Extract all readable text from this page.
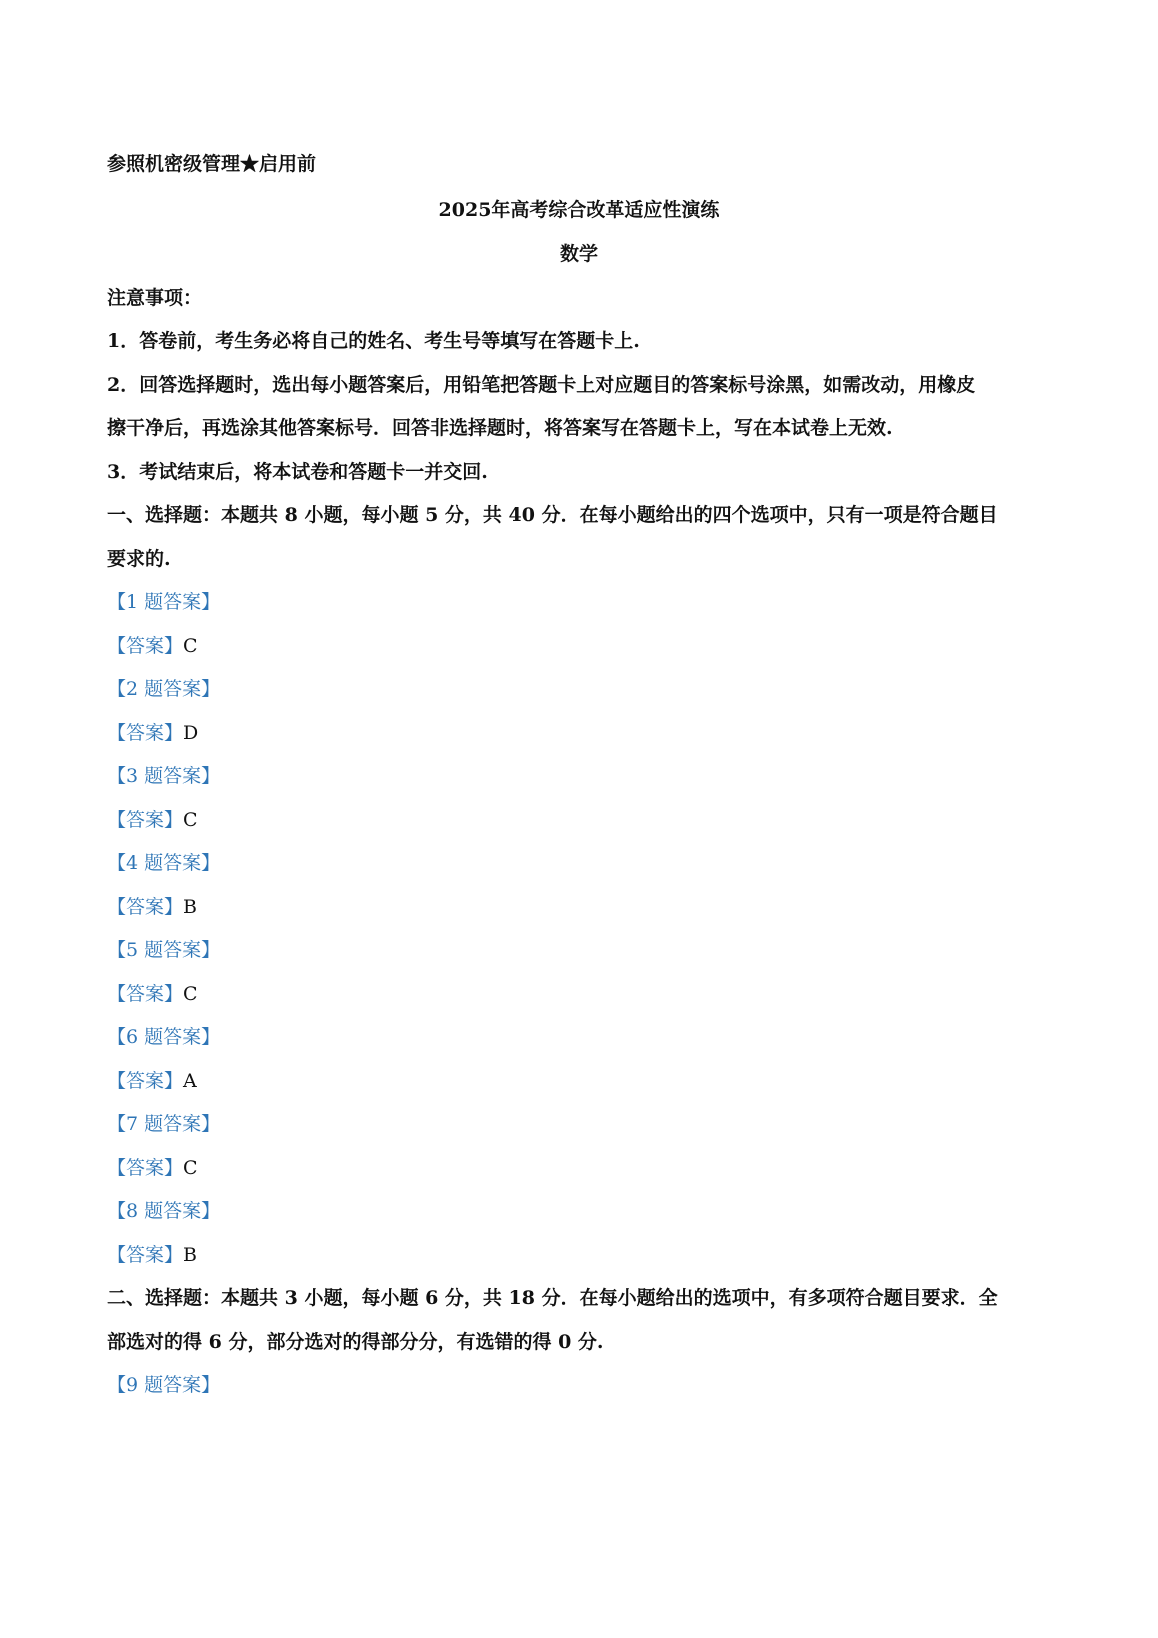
参照机密级管理★启用前
2025年高考综合改革适应性演练
数学
注意事项：
1．答卷前，考生务必将自己的姓名、考生号等填写在答题卡上.
2．回答选择题时，选出每小题答案后，用铅笔把答题卡上对应题目的答案标号涂黑，如需改动，用橡皮
擦干净后，再选涂其他答案标号．回答非选择题时，将答案写在答题卡上，写在本试卷上无效.
3．考试结束后，将本试卷和答题卡一并交回.
一、选择题：本题共 8 小题，每小题 5 分，共 40 分．在每小题给出的四个选项中，只有一项是符合题目
要求的.
【1 题答案】
【答案】C
【2 题答案】
【答案】D
【3 题答案】
【答案】C
【4 题答案】
【答案】B
【5 题答案】
【答案】C
【6 题答案】
【答案】A
【7 题答案】
【答案】C
【8 题答案】
【答案】B
二、选择题：本题共 3 小题，每小题 6 分，共 18 分．在每小题给出的选项中，有多项符合题目要求．全
部选对的得 6 分，部分选对的得部分分，有选错的得 0 分.
【9 题答案】
